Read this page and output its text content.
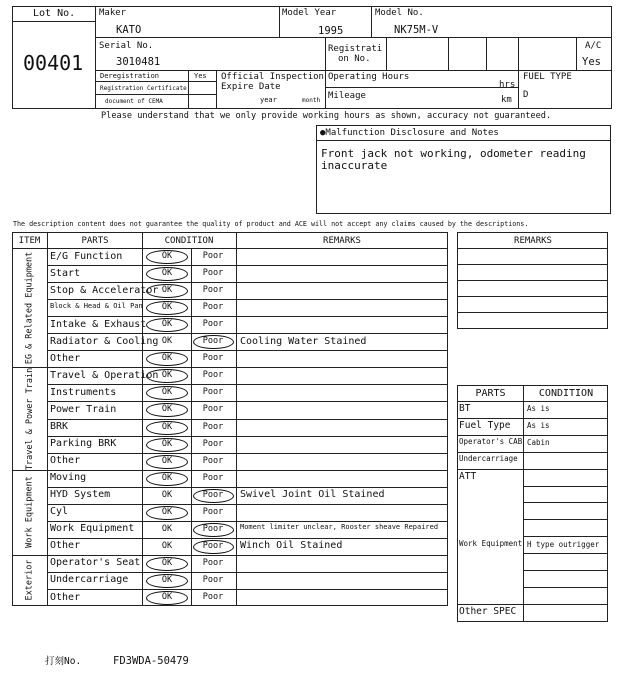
Lot No.
00401
Maker
KATO
Model Year
1995
Model No.
NK75M-V
Serial No.
3010481
Registrati
on No.
A/C
Yes
Deregistration	Yes
Registration Certificate
document of CEMA
Official Inspection
Expire Date
year	month
Operating Hours
hrs
Mileage	km
FUEL TYPE
D
Please understand that we only provide working hours as shown, accuracy not guaranteed.
●Malfunction Disclosure and Notes
Front jack not working, odometer reading
inaccurate
The description content does not guarantee the quality of product and ACE will not accept any claims caused by the descriptions.
ITEM	PARTS	CONDITION	REMARKS	REMARKS
PARTS	CONDITION
E/G Function	OK	Poor
Start	OK	Poor
Stop & Accelerator OK	Poor
Block & Head & Oil Pan	OK	Poor
Intake & Exhaust	OK	Poor
Radiator & Cooling OK	Poor	Cooling Water Stained
Other	OK	Poor
EG & Related Equipment
Travel & Operation OK	Poor
Instruments	OK	Poor
Power Train	OK	Poor
BRK	OK	Poor
Parking BRK	OK	Poor
Other	OK	Poor
Travel & Power Train
Moving	OK	Poor
HYD System	OK	Poor	Swivel Joint Oil Stained
Cyl	OK	Poor
Work Equipment	OK	Poor	Moment limiter unclear, Rooster sheave Repaired
Other	OK	Poor	Winch Oil Stained
Work Equipment
Operator's Seat	OK	Poor
Undercarriage	OK	Poor
Other	OK	Poor
Exterior
BT	As is
Fuel Type As is
Operator's CAB Cabin
Undercarriage
ATT
Work Equipment H type outrigger
Other SPEC
打刻No.	FD3WDA-50479
